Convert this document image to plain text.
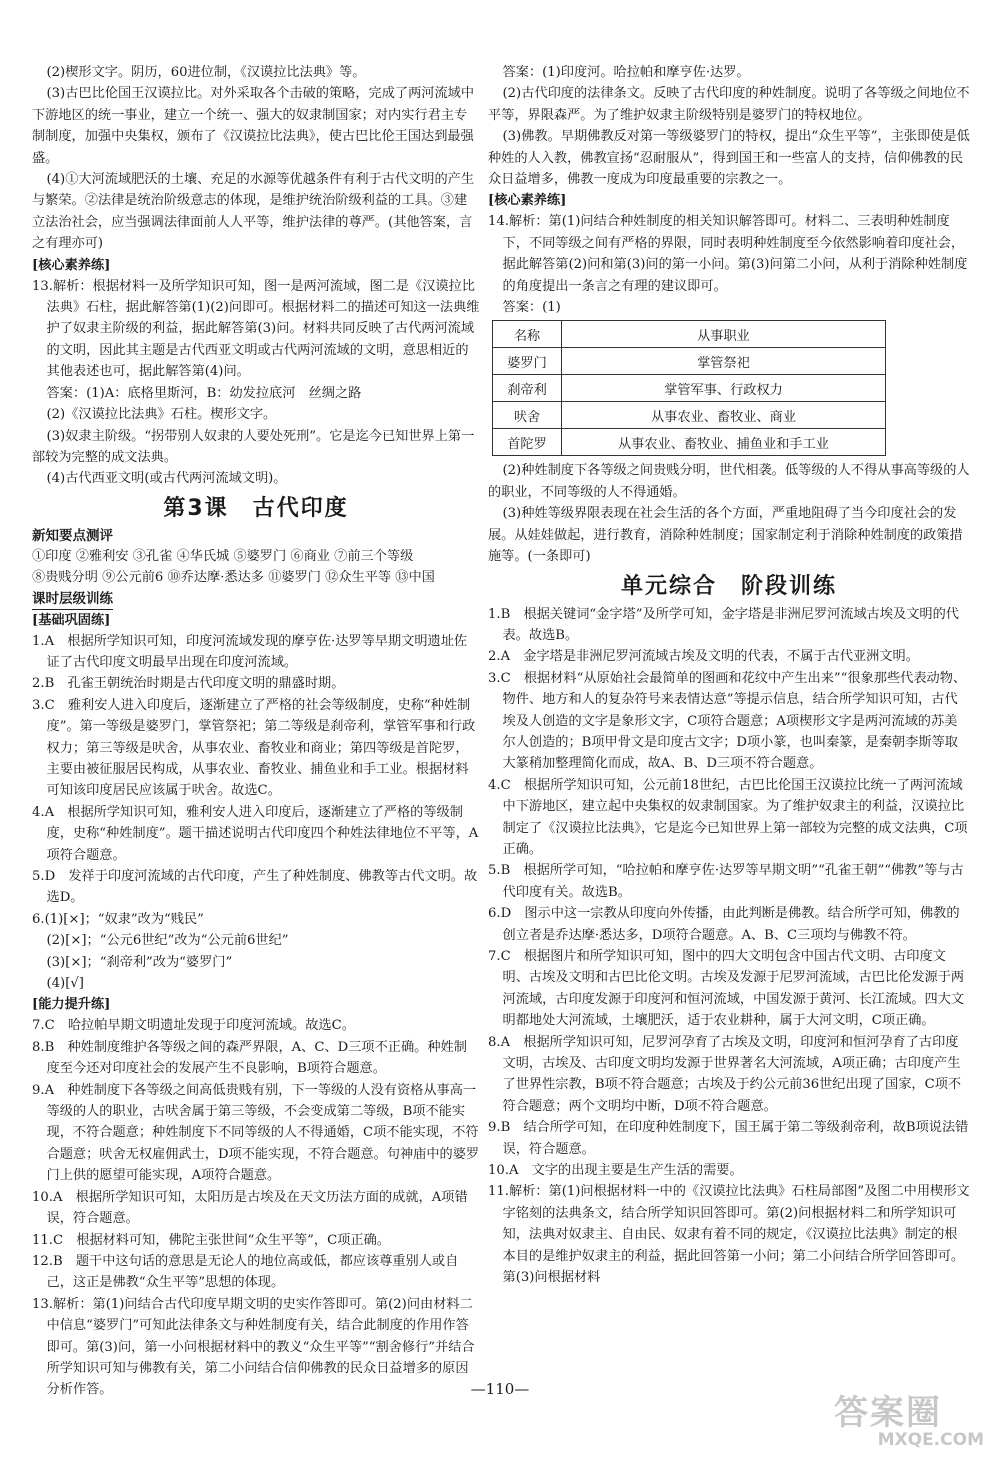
(2)楔形文字。阴历，60进位制，《汉谟拉比法典》等。

(3)古巴比伦国王汉谟拉比。对外采取各个击破的策略，完成了两河流域中下游地区的统一事业，建立一个统一、强大的奴隶制国家；对内实行君主专制制度，加强中央集权，颁布了《汉谟拉比法典》，使古巴比伦王国达到最强盛。

(4)①大河流域肥沃的土壤、充足的水源等优越条件有利于古代文明的产生与繁荣。②法律是统治阶级意志的体现，是维护统治阶级利益的工具。③建立法治社会，应当强调法律面前人人平等，维护法律的尊严。(其他答案，言之有理亦可)

[核心素养练]

13.解析：根据材料一及所学知识可知，图一是两河流域，图二是《汉谟拉比法典》石柱，据此解答第(1)(2)问即可。根据材料二的描述可知这一法典维护了奴隶主阶级的利益，据此解答第(3)问。材料共同反映了古代两河流域的文明，因此其主题是古代西亚文明或古代两河流域的文明，意思相近的其他表述也可，据此解答第(4)问。

答案：(1)A：底格里斯河，B：幼发拉底河　丝绸之路

(2)《汉谟拉比法典》石柱。楔形文字。

(3)奴隶主阶级。“拐带别人奴隶的人要处死刑”。它是迄今已知世界上第一部较为完整的成文法典。

(4)古代西亚文明(或古代两河流域文明)。

第3课　古代印度
新知要点测评
①印度 ②雅利安 ③孔雀 ④华氏城 ⑤婆罗门 ⑥商业 ⑦前三个等级 ⑧贵贱分明 ⑨公元前6 ⑩乔达摩·悉达多 ⑪婆罗门 ⑫众生平等 ⑬中国
课时层级训练
[基础巩固练]

1.A　根据所学知识可知，印度河流域发现的摩亨佐·达罗等早期文明遗址佐证了古代印度文明最早出现在印度河流域。

2.B　孔雀王朝统治时期是古代印度文明的鼎盛时期。

3.C　雅利安人进入印度后，逐渐建立了严格的社会等级制度，史称“种姓制度”。第一等级是婆罗门，掌管祭祀；第二等级是刹帝利，掌管军事和行政权力；第三等级是吠舍，从事农业、畜牧业和商业；第四等级是首陀罗，主要由被征服居民构成，从事农业、畜牧业、捕鱼业和手工业。根据材料可知该印度居民应该属于吠舍。故选C。

4.A　根据所学知识可知，雅利安人进入印度后，逐渐建立了严格的等级制度，史称“种姓制度”。题干描述说明古代印度四个种姓法律地位不平等，A项符合题意。

5.D　发祥于印度河流域的古代印度，产生了种姓制度、佛教等古代文明。故选D。

6.(1)[×]；“奴隶”改为“贱民”

(2)[×]；“公元6世纪”改为“公元前6世纪”

(3)[×]；“刹帝利”改为“婆罗门”

(4)[√]

[能力提升练]

7.C　哈拉帕早期文明遗址发现于印度河流域。故选C。

8.B　种姓制度维护各等级之间的森严界限，A、C、D三项不正确。种姓制度至今还对印度社会的发展产生不良影响，B项符合题意。

9.A　种姓制度下各等级之间高低贵贱有别，下一等级的人没有资格从事高一等级的人的职业，古吠舍属于第三等级，不会变成第二等级，B项不能实现，不符合题意；种姓制度下不同等级的人不得通婚，C项不能实现，不符合题意；吠舍无权雇佣武士，D项不能实现，不符合题意。句神庙中的婆罗门上供的愿望可能实现，A项符合题意。

10.A　根据所学知识可知，太阳历是古埃及在天文历法方面的成就，A项错误，符合题意。

11.C　根据材料可知，佛陀主张世间“众生平等”，C项正确。

12.B　题干中这句话的意思是无论人的地位高或低，都应该尊重别人或自己，这正是佛教“众生平等”思想的体现。

13.解析：第(1)问结合古代印度早期文明的史实作答即可。第(2)问由材料二中信息“婆罗门”可知此法律条文与种姓制度有关，结合此制度的作用作答即可。第(3)问，第一小问根据材料中的教义“众生平等”“割舍修行”并结合所学知识可知与佛教有关，第二小问结合信仰佛教的民众日益增多的原因分析作答。

答案：(1)印度河。哈拉帕和摩亨佐·达罗。

(2)古代印度的法律条文。反映了古代印度的种姓制度。说明了各等级之间地位不平等，界限森严。为了维护奴隶主阶级特别是婆罗门的特权地位。

(3)佛教。早期佛教反对第一等级婆罗门的特权，提出“众生平等”，主张即使是低种姓的人入教，佛教宣扬“忍耐服从”，得到国王和一些富人的支持，信仰佛教的民众日益增多，佛教一度成为印度最重要的宗教之一。

[核心素养练]

14.解析：第(1)问结合种姓制度的相关知识解答即可。材料二、三表明种姓制度下，不同等级之间有严格的界限，同时表明种姓制度至今依然影响着印度社会，据此解答第(2)问和第(3)问的第一小问。第(3)问第二小问，从利于消除种姓制度的角度提出一条言之有理的建议即可。

答案：(1)

名称	从事职业
婆罗门	掌管祭祀
刹帝利	掌管军事、行政权力
吠舍	从事农业、畜牧业、商业
首陀罗	从事农业、畜牧业、捕鱼业和手工业

(2)种姓制度下各等级之间贵贱分明，世代相袭。低等级的人不得从事高等级的人的职业，不同等级的人不得通婚。

(3)种姓等级界限表现在社会生活的各个方面，严重地阻碍了当今印度社会的发展。从娃娃做起，进行教育，消除种姓制度；国家制定利于消除种姓制度的政策措施等。(一条即可)

单元综合　阶段训练

1.B　根据关键词“金字塔”及所学可知，金字塔是非洲尼罗河流域古埃及文明的代表。故选B。

2.A　金字塔是非洲尼罗河流域古埃及文明的代表，不属于古代亚洲文明。

3.C　根据材料“从原始社会最简单的图画和花纹中产生出来”“很象那些代表动物、物件、地方和人的复杂符号来表情达意”等提示信息，结合所学知识可知，古代埃及人创造的文字是象形文字，C项符合题意；A项楔形文字是两河流域的苏美尔人创造的；B项甲骨文是印度古文字；D项小篆，也叫秦篆，是秦朝李斯等取大篆稍加整理简化而成，故A、B、D三项不符合题意。

4.C　根据所学知识可知，公元前18世纪，古巴比伦国王汉谟拉比统一了两河流域中下游地区，建立起中央集权的奴隶制国家。为了维护奴隶主的利益，汉谟拉比制定了《汉谟拉比法典》，它是迄今已知世界上第一部较为完整的成文法典，C项正确。

5.B　根据所学可知，“哈拉帕和摩亨佐·达罗等早期文明”“孔雀王朝”“佛教”等与古代印度有关。故选B。

6.D　图示中这一宗教从印度向外传播，由此判断是佛教。结合所学可知，佛教的创立者是乔达摩·悉达多，D项符合题意。A、B、C三项均与佛教不符。

7.C　根据图片和所学知识可知，图中的四大文明包含中国古代文明、古印度文明、古埃及文明和古巴比伦文明。古埃及发源于尼罗河流域，古巴比伦发源于两河流域，古印度发源于印度河和恒河流域，中国发源于黄河、长江流域。四大文明都地处大河流域，土壤肥沃，适于农业耕种，属于大河文明，C项正确。

8.A　根据所学知识可知，尼罗河孕育了古埃及文明，印度河和恒河孕育了古印度文明，古埃及、古印度文明均发源于世界著名大河流域，A项正确；古印度产生了世界性宗教，B项不符合题意；古埃及于约公元前36世纪出现了国家，C项不符合题意；两个文明均中断，D项不符合题意。

9.B　结合所学可知，在印度种姓制度下，国王属于第二等级刹帝利，故B项说法错误，符合题意。

10.A　文字的出现主要是生产生活的需要。

11.解析：第(1)问根据材料一中的《汉谟拉比法典》石柱局部图”及图二中用楔形文字铭刻的法典条文，结合所学知识回答即可。第(2)问根据材料二和所学知识可知，法典对奴隶主、自由民、奴隶有着不同的规定，《汉谟拉比法典》制定的根本目的是维护奴隶主的利益，据此回答第一小问；第二小问结合所学回答即可。第(3)问根据材料

—110—
答案圈
MXQE.COM
